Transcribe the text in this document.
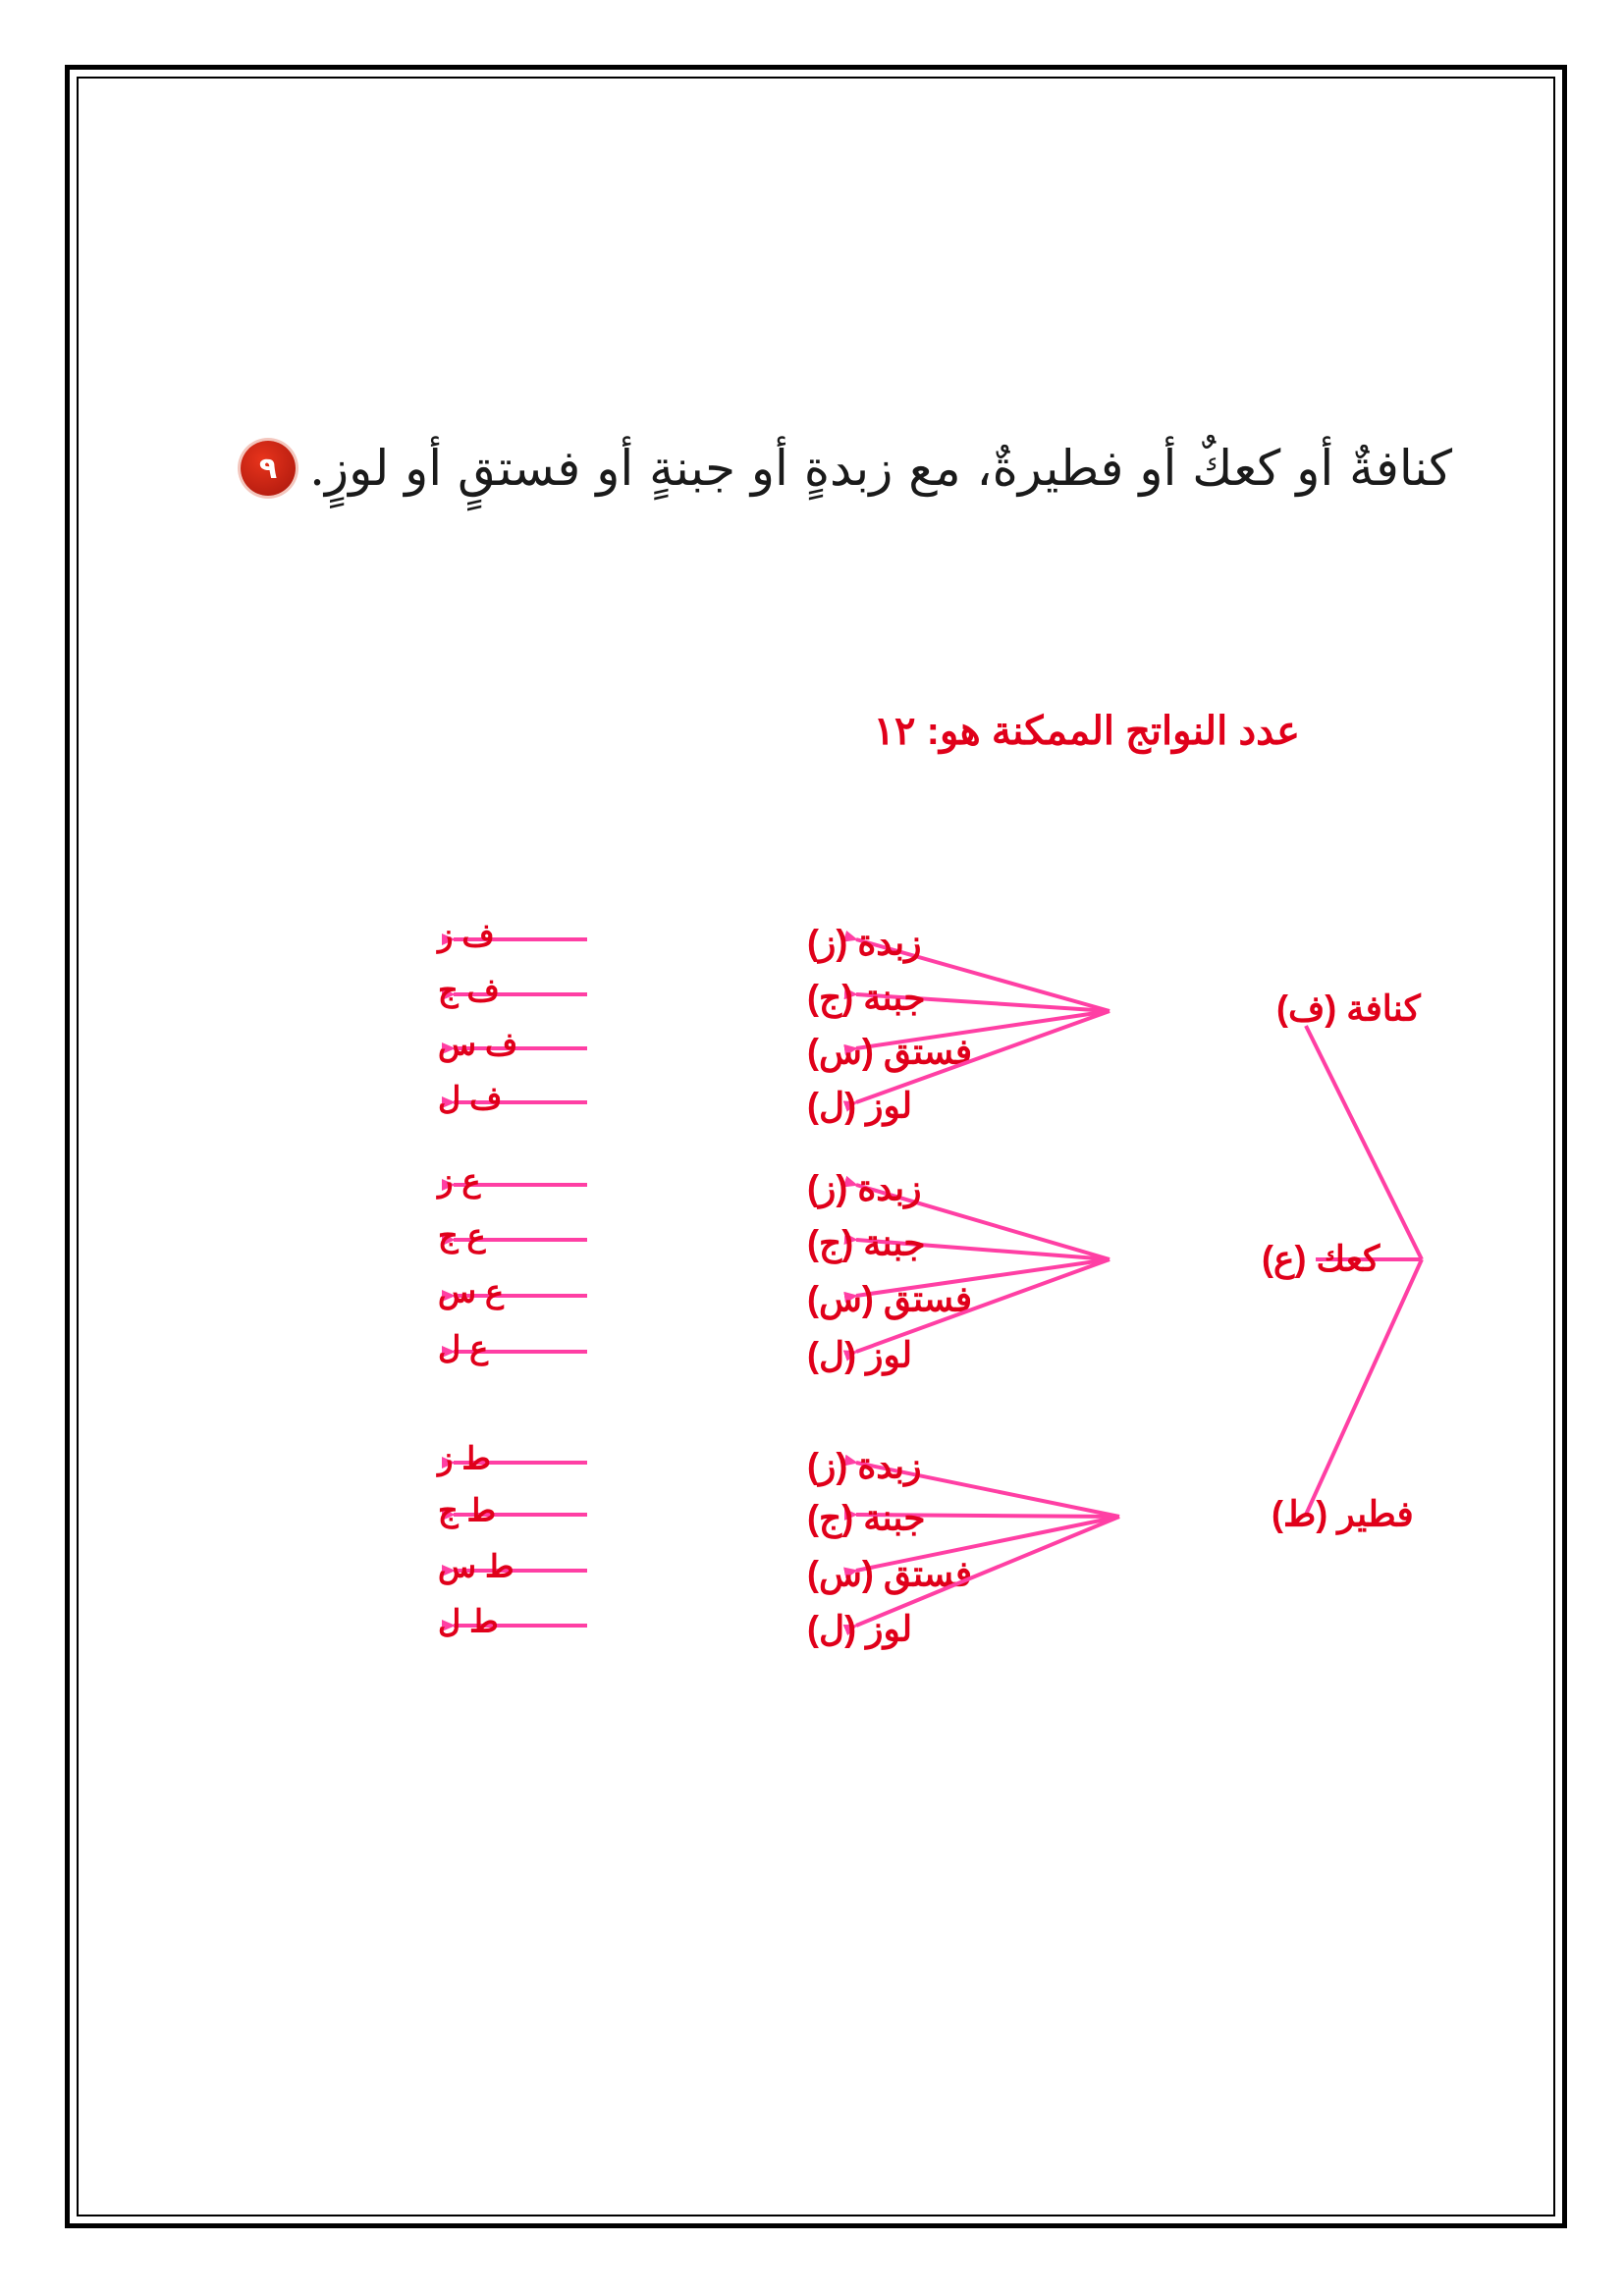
٩ كنافةٌ أو كعكٌ أو فطيرةٌ، مع زبدةٍ أو جبنةٍ أو فستقٍ أو لوزٍ.
عدد النواتج الممكنة هو: ١٢
كنافة (ف)
زبدة (ز)
ف ز
جبنة (ج)
ف ج
فستق (س)
ف س
لوز (ل)
ف ل
كعك (ع)
زبدة (ز)
ع ز
جبنة (ج)
ع ج
فستق (س)
ع س
لوز (ل)
ع ل
فطير (ط)
زبدة (ز)
ط ز
جبنة (ج)
ط ج
فستق (س)
ط س
لوز (ل)
ط ل
